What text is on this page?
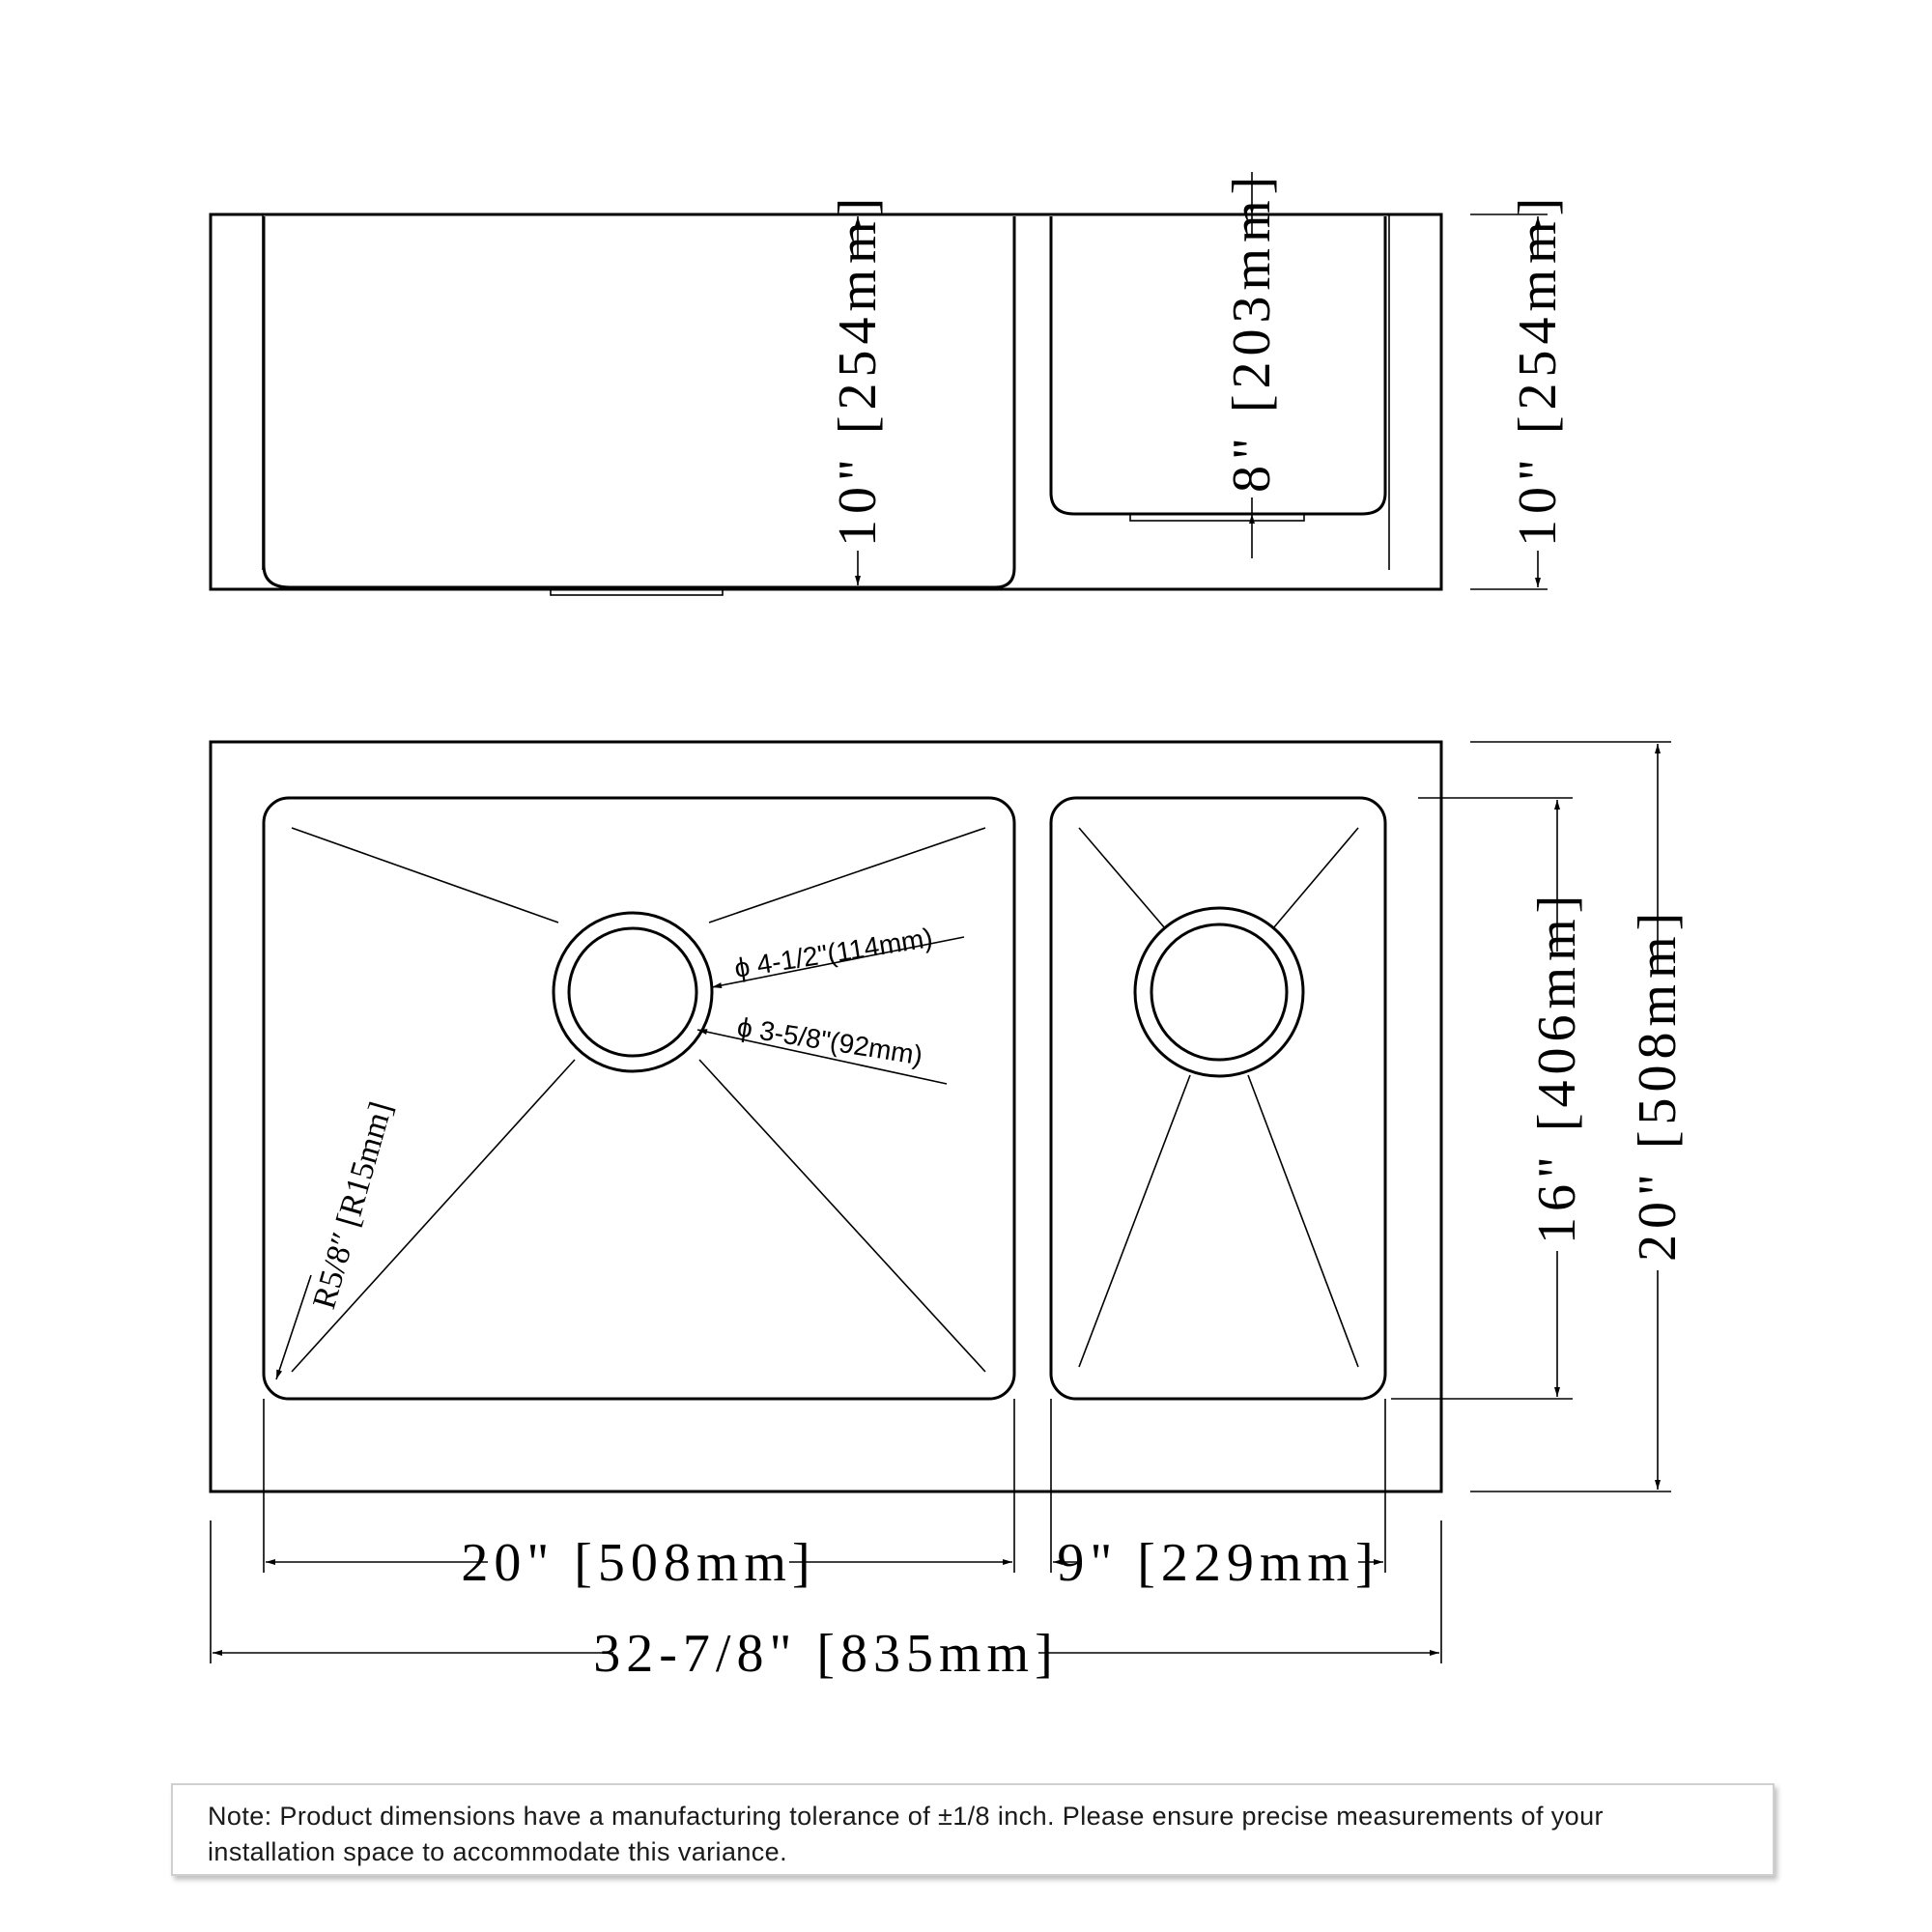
10" [254mm]	8" [203mm]	10" [254mm]
ϕ 4-1/2"(114mm)
ϕ 3-5/8"(92mm)
R5/8″ [R15mm]	16" [406mm] 20" [508mm]
20" [508mm]	9" [229mm]
32-7/8" [835mm]
Note: Product dimensions have a manufacturing tolerance of ±1/8 inch. Please ensure precise measurements of your installation space to accommodate this variance.
